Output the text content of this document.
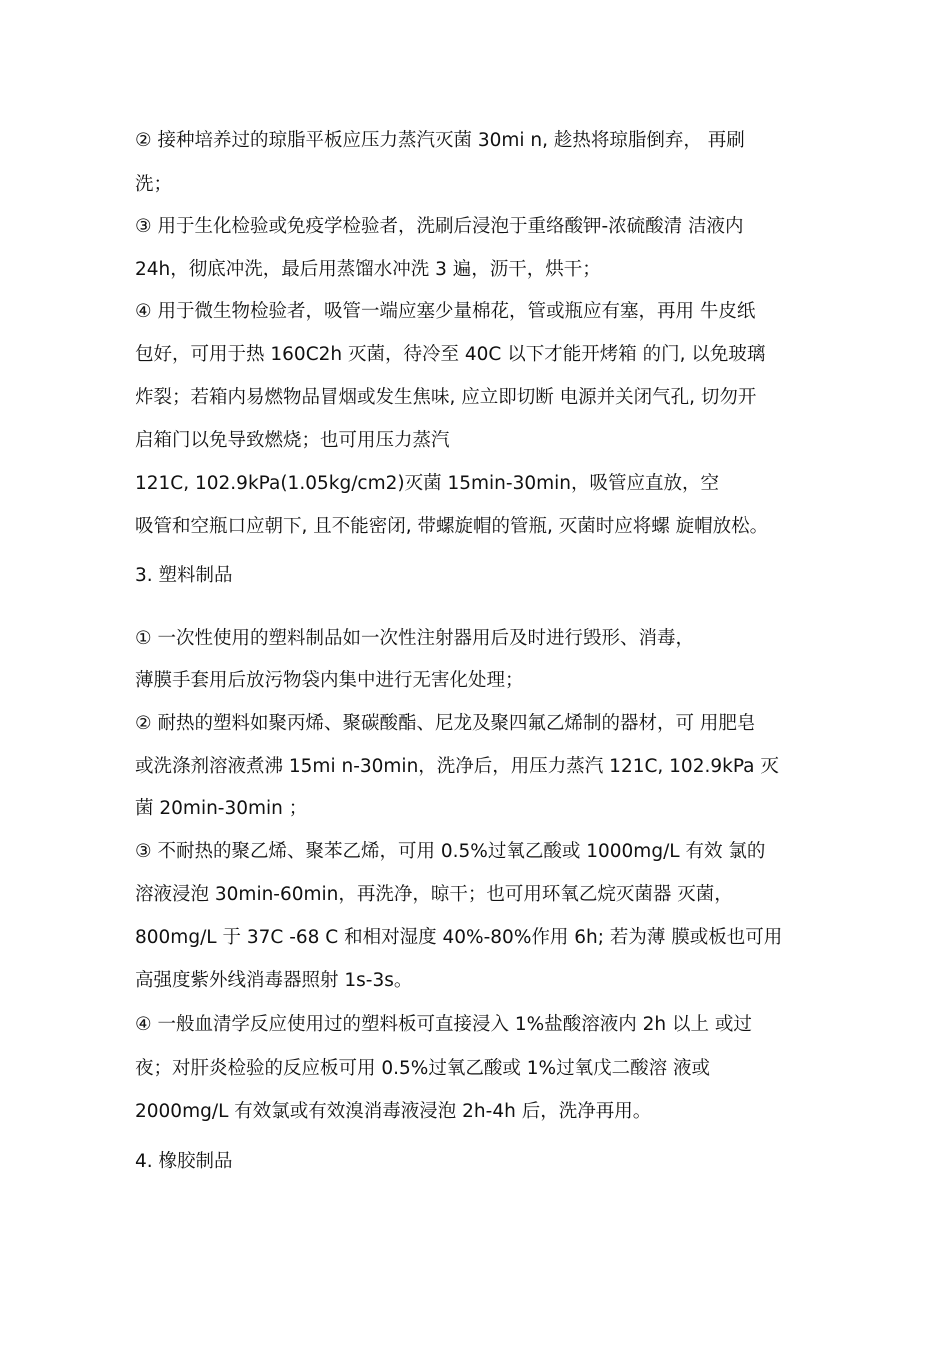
② 接种培养过的琼脂平板应压力蒸汽灭菌 30mi n, 趁热将琼脂倒弃， 再刷
洗；
③ 用于生化检验或免疫学检验者，洗刷后浸泡于重络酸钾-浓硫酸清 洁液内
24h，彻底冲洗，最后用蒸馏水冲洗 3 遍，沥干，烘干；
④ 用于微生物检验者，吸管一端应塞少量棉花，管或瓶应有塞，再用 牛皮纸
包好，可用于热 160C2h 灭菌，待冷至 40C 以下才能开烤箱 的门, 以免玻璃
炸裂；若箱内易燃物品冒烟或发生焦味, 应立即切断 电源并关闭气孔, 切勿开
启箱门以免导致燃烧；也可用压力蒸汽
121C, 102.9kPa(1.05kg/cm2)灭菌 15min-30min，吸管应直放，空
吸管和空瓶口应朝下, 且不能密闭, 带螺旋帽的管瓶, 灭菌时应将螺 旋帽放松。
3. 塑料制品
① 一次性使用的塑料制品如一次性注射器用后及时进行毁形、消毒，
薄膜手套用后放污物袋内集中进行无害化处理；
② 耐热的塑料如聚丙烯、聚碳酸酯、尼龙及聚四氟乙烯制的器材，可 用肥皂
或洗涤剂溶液煮沸 15mi n-30min，洗净后，用压力蒸汽 121C, 102.9kPa 灭
菌 20min-30min ；
③ 不耐热的聚乙烯、聚苯乙烯，可用 0.5%过氧乙酸或 1000mg/L 有效 氯的
溶液浸泡 30min-60min，再洗净，晾干；也可用环氧乙烷灭菌器 灭菌，
800mg/L 于 37C -68 C 和相对湿度 40%-80%作用 6h; 若为薄 膜或板也可用
高强度紫外线消毒器照射 1s-3s。
④ 一般血清学反应使用过的塑料板可直接浸入 1%盐酸溶液内 2h 以上 或过
夜；对肝炎检验的反应板可用 0.5%过氧乙酸或 1%过氧戊二酸溶 液或
2000mg/L 有效氯或有效溴消毒液浸泡 2h-4h 后，洗净再用。
4. 橡胶制品
